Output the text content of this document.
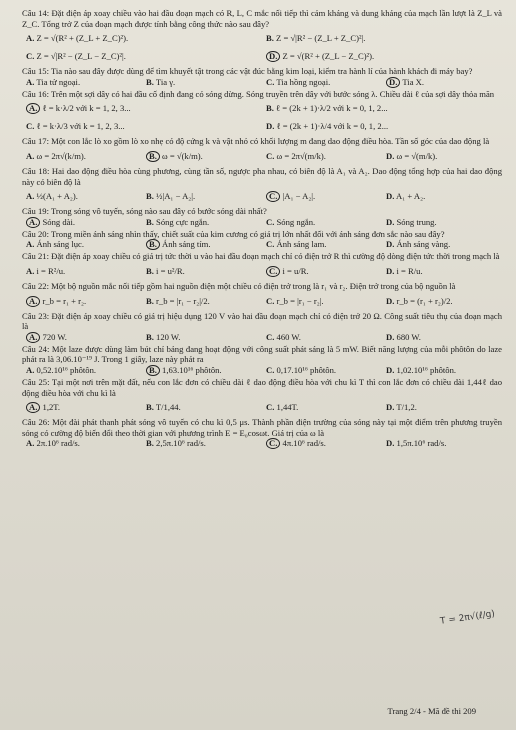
Câu 14: Đặt điện áp xoay chiều vào hai đầu đoạn mạch có R, L, C mắc nối tiếp thì cảm kháng và dung kháng của mạch lần lượt là Z_L và Z_C. Tổng trở Z của đoạn mạch được tính bằng công thức nào sau đây?
A. Z = √(R² + (Z_L + Z_C)²).	B. Z = √|R² − (Z_L + Z_C)²|.
C. Z = √|R² − (Z_L − Z_C)²|.	D. Z = √(R² + (Z_L − Z_C)²).
Câu 15: Tia nào sau đây được dùng để tìm khuyết tật trong các vật đúc bằng kim loại, kiểm tra hành lí của hành khách đi máy bay?
A. Tia tử ngoại.	B. Tia γ.	C. Tia hồng ngoại.	D. Tia X.
Câu 16: Trên một sợi dây có hai đầu cố định đang có sóng dừng. Sóng truyền trên dây với bước sóng λ. Chiều dài ℓ của sợi dây thỏa mãn
A. ℓ = k·λ/2 với k = 1, 2, 3...	B. ℓ = (2k + 1)·λ/2 với k = 0, 1, 2...
C. ℓ = k·λ/3 với k = 1, 2, 3...	D. ℓ = (2k + 1)·λ/4 với k = 0, 1, 2...
Câu 17: Một con lắc lò xo gồm lò xo nhẹ có độ cứng k và vật nhỏ có khối lượng m đang dao động điều hòa. Tần số góc của dao động là
A. ω = 2π√(k/m).	B. ω = √(k/m).	C. ω = 2π√(m/k).	D. ω = √(m/k).
Câu 18: Hai dao động điều hòa cùng phương, cùng tần số, ngược pha nhau, có biên độ là A₁ và A₂. Dao động tổng hợp của hai dao động này có biên độ là
A. ½(A₁ + A₂).	B. ½|A₁ − A₂|.	C. |A₁ − A₂|.	D. A₁ + A₂.
Câu 19: Trong sóng vô tuyến, sóng nào sau đây có bước sóng dài nhất?
A. Sóng dài.	B. Sóng cực ngắn.	C. Sóng ngắn.	D. Sóng trung.
Câu 20: Trong miền ánh sáng nhìn thấy, chiết suất của kim cương có giá trị lớn nhất đối với ánh sáng đơn sắc nào sau đây?
A. Ánh sáng lục.	B. Ánh sáng tím.	C. Ánh sáng lam.	D. Ánh sáng vàng.
Câu 21: Đặt điện áp xoay chiều có giá trị tức thời u vào hai đầu đoạn mạch chỉ có điện trở R thì cường độ dòng điện tức thời trong mạch là
A. i = R²/u.	B. i = u²/R.	C. i = u/R.	D. i = R/u.
Câu 22: Một bộ nguồn mắc nối tiếp gồm hai nguồn điện một chiều có điện trở trong là r₁ và r₂. Điện trở trong của bộ nguồn là
A. r_b = r₁ + r₂.	B. r_b = |r₁ − r₂|/2.	C. r_b = |r₁ − r₂|.	D. r_b = (r₁ + r₂)/2.
Câu 23: Đặt điện áp xoay chiều có giá trị hiệu dụng 120 V vào hai đầu đoạn mạch chỉ có điện trở 20 Ω. Công suất tiêu thụ của đoạn mạch là
A. 720 W.	B. 120 W.	C. 460 W.	D. 680 W.
Câu 24: Một laze được dùng làm bút chỉ bảng đang hoạt động với công suất phát sáng là 5 mW. Biết năng lượng của mỗi phôtôn do laze phát ra là 3,06.10⁻¹⁹ J. Trong 1 giây, laze này phát ra
A. 0,52.10¹⁶ phôtôn.	B. 1,63.10¹⁶ phôtôn.	C. 0,17.10¹⁶ phôtôn.	D. 1,02.10¹⁶ phôtôn.
Câu 25: Tại một nơi trên mặt đất, nếu con lắc đơn có chiều dài ℓ dao động điều hòa với chu kì T thì con lắc đơn có chiều dài 1,44ℓ dao động điều hòa với chu kì là
A. 1,2T.	B. T/1,44.	C. 1,44T.	D. T/1,2.
Câu 26: Một đài phát thanh phát sóng vô tuyến có chu kì 0,5 μs. Thành phần điện trường của sóng này tại một điểm trên phương truyền sóng có cường độ biến đổi theo thời gian với phương trình E = E₀cosωt. Giá trị của ω là
A. 2π.10⁶ rad/s.	B. 2,5π.10⁶ rad/s.	C. 4π.10⁶ rad/s.	D. 1,5π.10⁶ rad/s.
T = 2π√(ℓ/g)
Trang 2/4 - Mã đề thi 209
